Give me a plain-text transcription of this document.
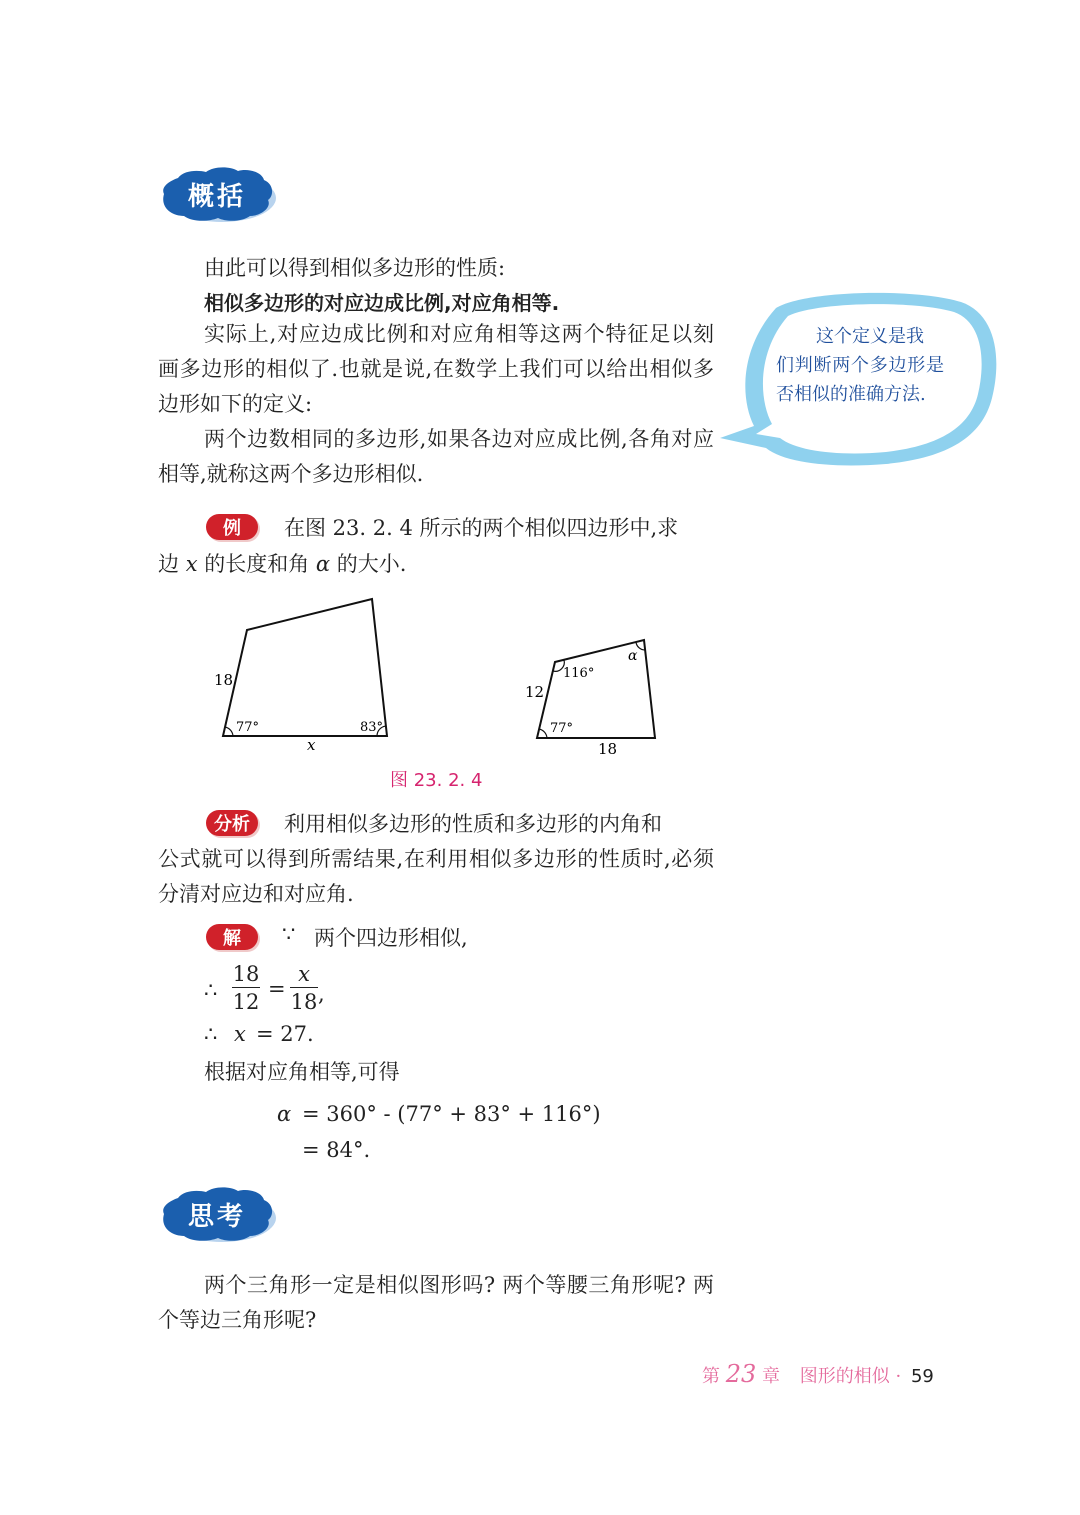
概括
由此可以得到相似多边形的性质:
相似多边形的对应边成比例,对应角相等.
实际上,对应边成比例和对应角相等这两个特征足以刻画多边形的相似了.也就是说,在数学上我们可以给出相似多边形如下的定义:
两个边数相同的多边形,如果各边对应成比例,各角对应相等,就称这两个多边形相似.
这个定义是我
们判断两个多边形是否相似的准确方法.
例	在图 23. 2. 4 所示的两个相似四边形中,求
边 x 的长度和角 α 的大小.
18
77°	83°
x
12
77°
116°
α
18
图 23. 2. 4
分析	利用相似多边形的性质和多边形的内角和
公式就可以得到所需结果,在利用相似多边形的性质时,必须分清对应边和对应角.
解	∵ 两个四边形相似,
∴
18
12
=
x
18 ,
∴ x = 27.
根据对应角相等,可得
α = 360° - (77° + 83° + 116°)
= 84°.
思考
两个三角形一定是相似图形吗? 两个等腰三角形呢? 两个等边三角形呢?
第 23 章 图形的相似 · 59
